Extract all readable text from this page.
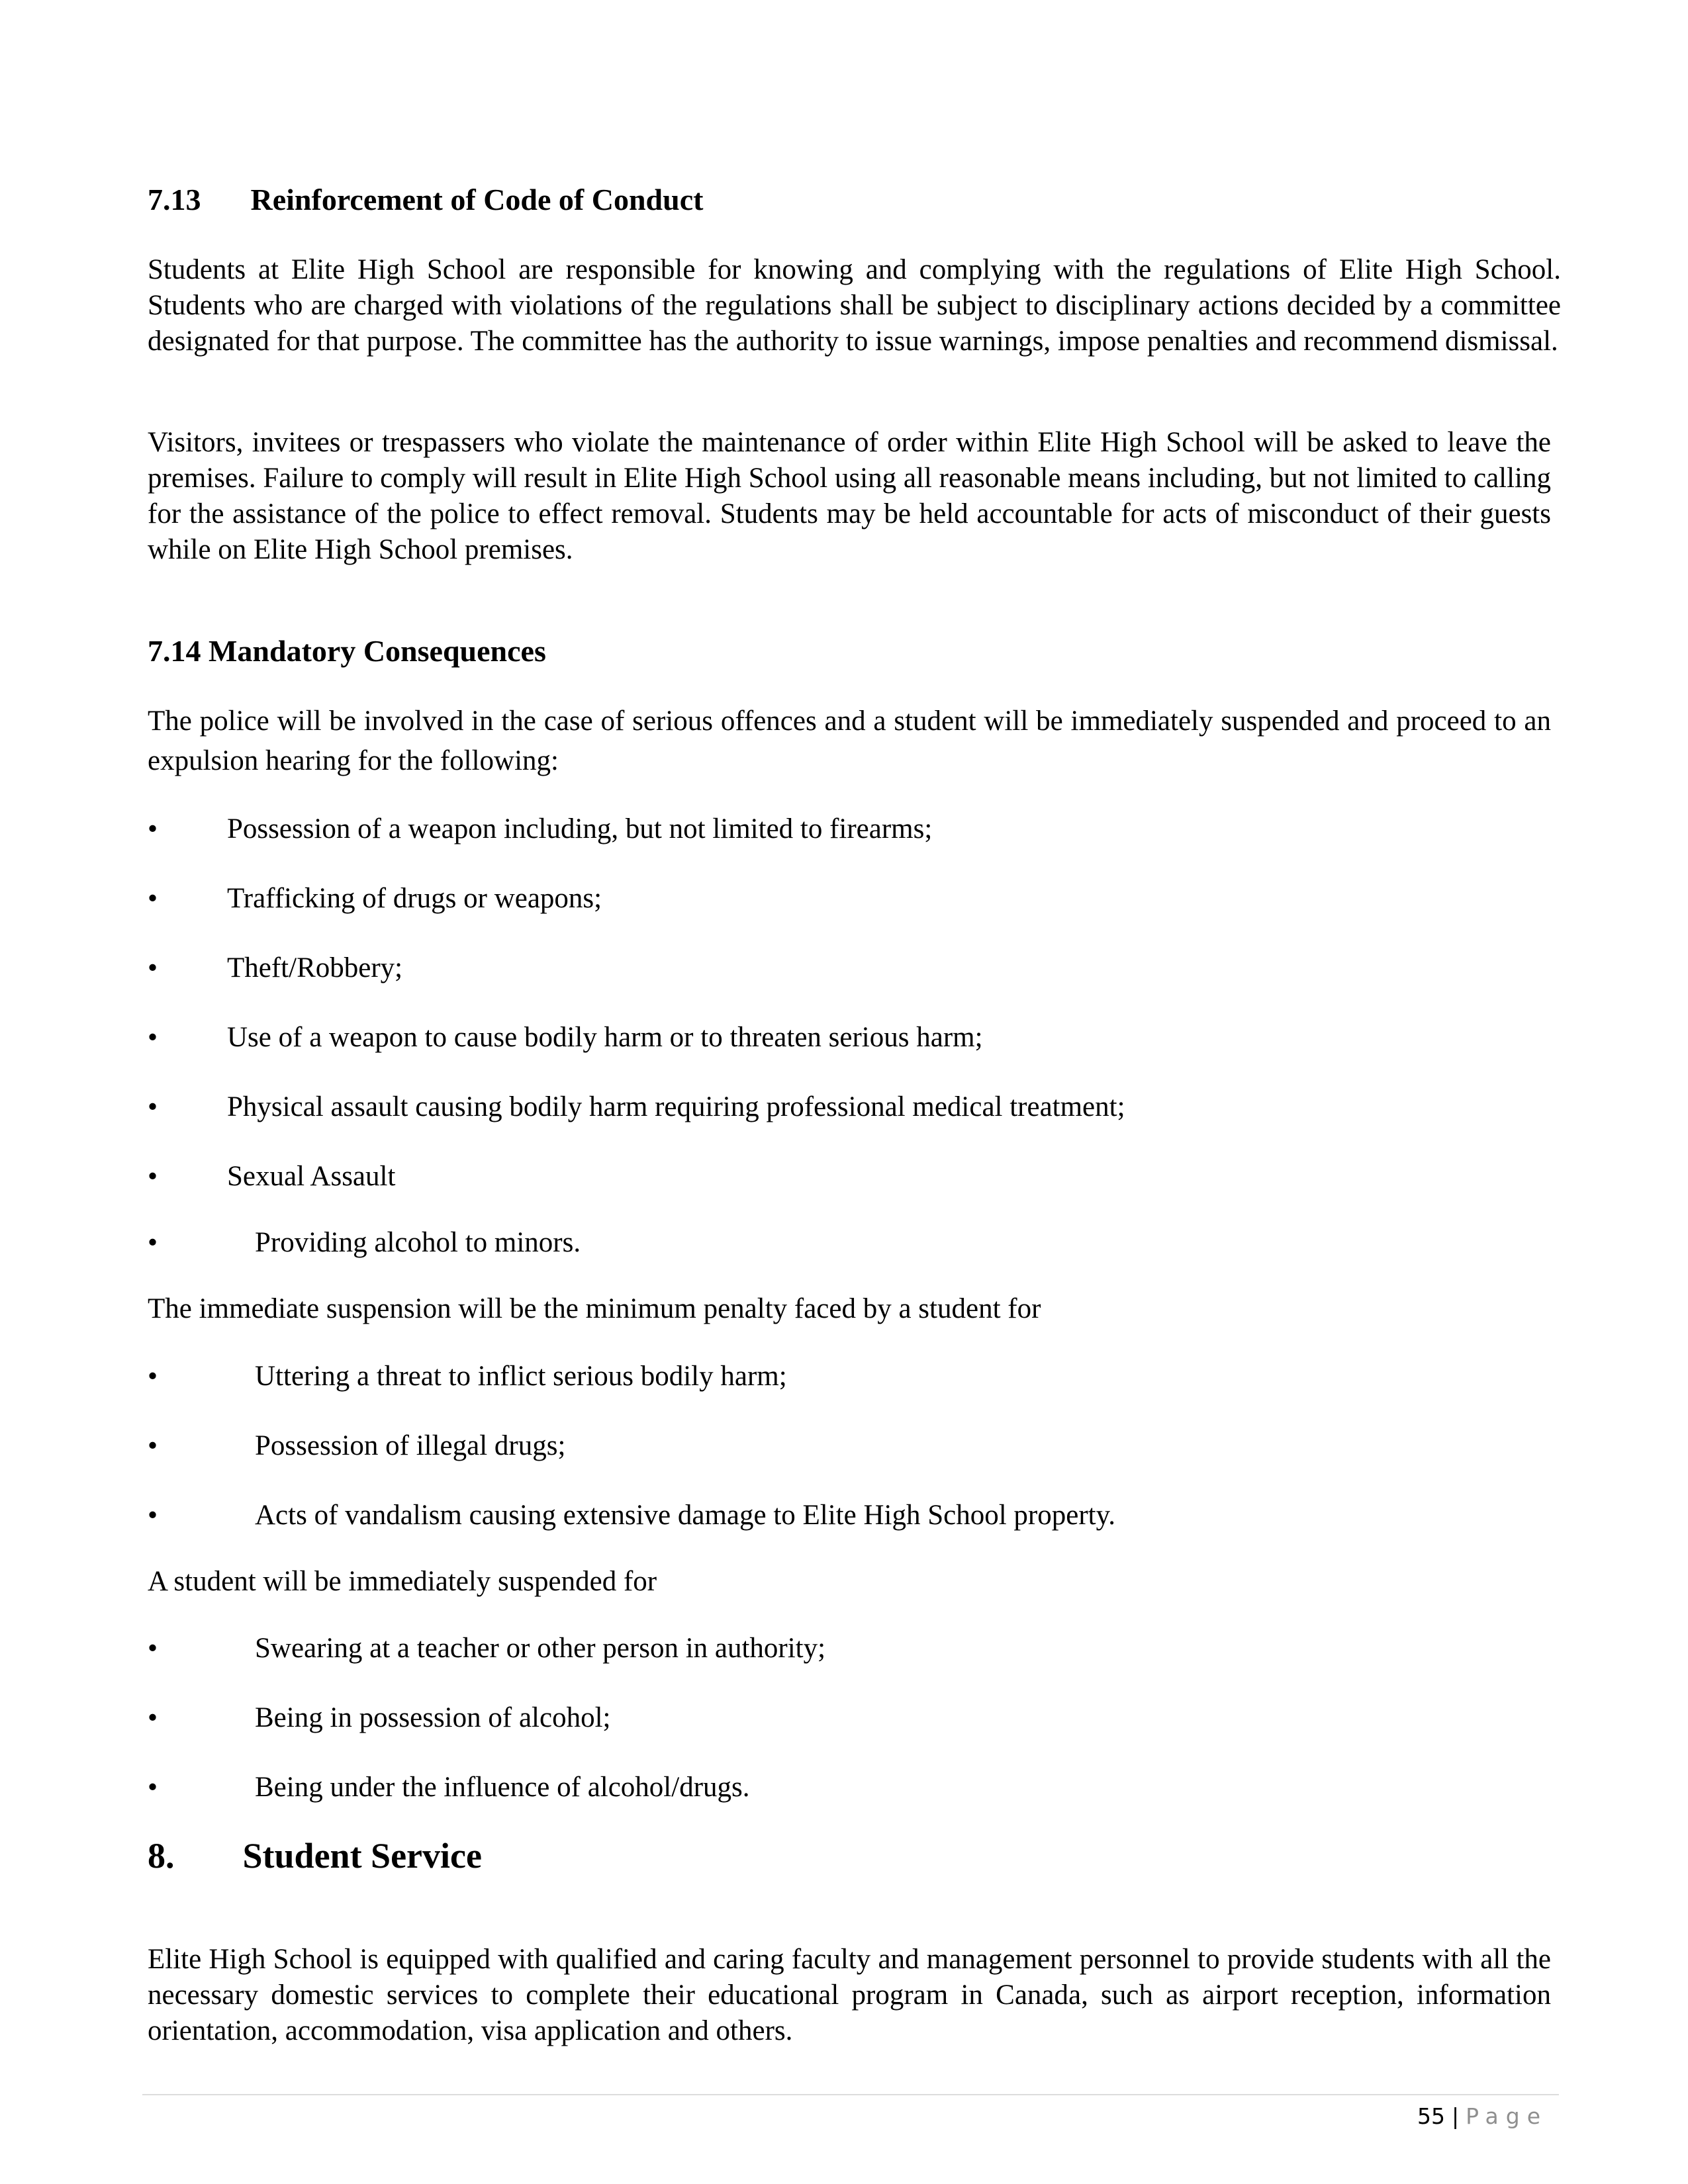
7.13 Reinforcement of Code of Conduct

Students at Elite High School are responsible for knowing and complying with the regulations of Elite High School. Students who are charged with violations of the regulations shall be subject to disciplinary actions decided by a committee designated for that purpose. The committee has the authority to issue warnings, impose penalties and recommend dismissal.

Visitors, invitees or trespassers who violate the maintenance of order within Elite High School will be asked to leave the premises. Failure to comply will result in Elite High School using all reasonable means including, but not limited to calling for the assistance of the police to effect removal. Students may be held accountable for acts of misconduct of their guests while on Elite High School premises.

7.14 Mandatory Consequences

The police will be involved in the case of serious offences and a student will be immediately suspended and proceed to an expulsion hearing for the following:

• Possession of a weapon including, but not limited to firearms;
• Trafficking of drugs or weapons;
• Theft/Robbery;
• Use of a weapon to cause bodily harm or to threaten serious harm;
• Physical assault causing bodily harm requiring professional medical treatment;
• Sexual Assault
•	Providing alcohol to minors.
The immediate suspension will be the minimum penalty faced by a student for
•	Uttering a threat to inflict serious bodily harm;
•	Possession of illegal drugs;
•	Acts of vandalism causing extensive damage to Elite High School property.
A student will be immediately suspended for
•	Swearing at a teacher or other person in authority;
•	Being in possession of alcohol;
•	Being under the influence of alcohol/drugs.
8. Student Service

Elite High School is equipped with qualified and caring faculty and management personnel to provide students with all the necessary domestic services to complete their educational program in Canada, such as airport reception, information orientation, accommodation, visa application and others.

55 | Page
